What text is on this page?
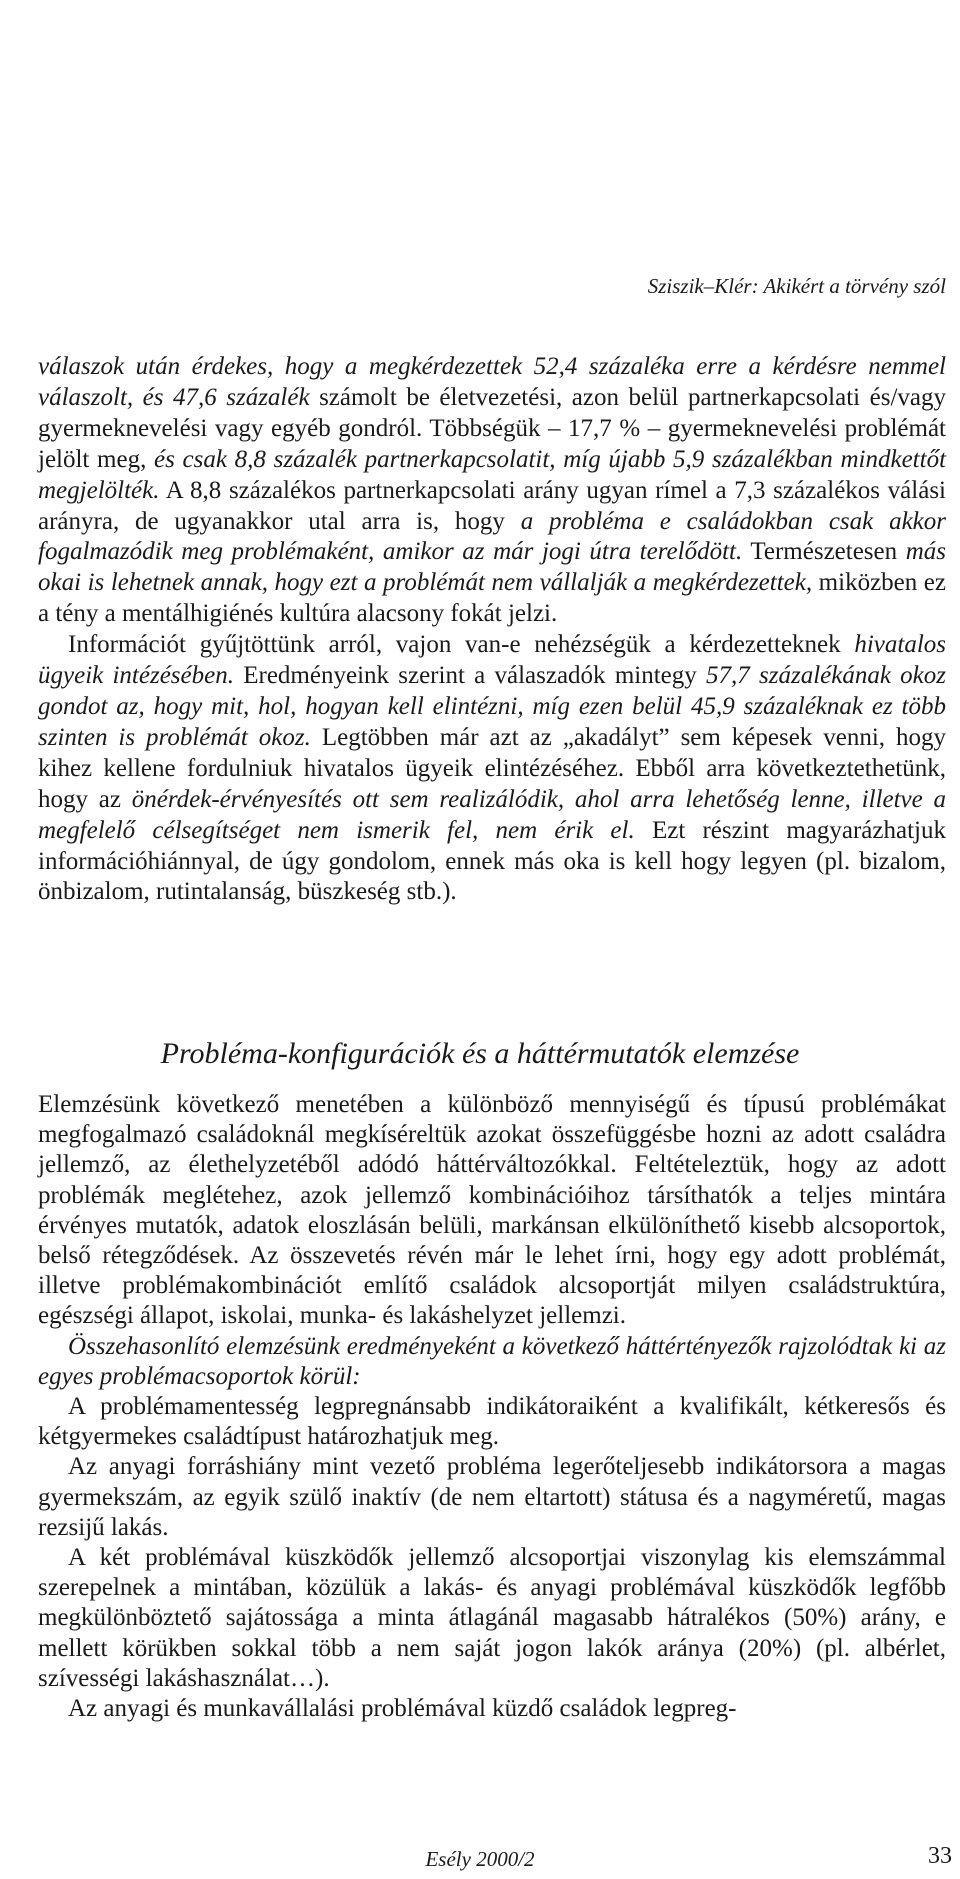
Sziszik–Klér: Akikért a törvény szól

válaszok után érdekes, hogy a megkérdezettek 52,4 százaléka erre a kérdésre nemmel válaszolt, és 47,6 százalék számolt be életvezetési, azon belül partnerkapcsolati és/vagy gyermeknevelési vagy egyéb gondról. Többségük – 17,7 % – gyermeknevelési problémát jelölt meg, és csak 8,8 százalék partnerkapcsolatit, míg újabb 5,9 százalékban mindkettőt megjelölték. A 8,8 százalékos partnerkapcsolati arány ugyan rímel a 7,3 százalékos válási arányra, de ugyanakkor utal arra is, hogy a probléma e családokban csak akkor fogalmazódik meg problémaként, amikor az már jogi útra terelődött. Természetesen más okai is lehetnek annak, hogy ezt a problémát nem vállalják a megkérdezettek, miközben ez a tény a mentálhigiénés kultúra alacsony fokát jelzi.

Információt gyűjtöttünk arról, vajon van-e nehézségük a kérdezetteknek hivatalos ügyeik intézésében. Eredményeink szerint a válaszadók mintegy 57,7 százalékának okoz gondot az, hogy mit, hol, hogyan kell elintézni, míg ezen belül 45,9 százaléknak ez több szinten is problémát okoz. Legtöbben már azt az „akadályt” sem képesek venni, hogy kihez kellene fordulniuk hivatalos ügyeik elintézéséhez. Ebből arra következtethetünk, hogy az önérdek-érvényesítés ott sem realizálódik, ahol arra lehetőség lenne, illetve a megfelelő célsegítséget nem ismerik fel, nem érik el. Ezt részint magyarázhatjuk információhiánnyal, de úgy gondolom, ennek más oka is kell hogy legyen (pl. bizalom, önbizalom, rutintalanság, büszkeség stb.).

Probléma-konfigurációk és a háttérmutatók elemzése

Elemzésünk következő menetében a különböző mennyiségű és típusú problémákat megfogalmazó családoknál megkíséreltük azokat összefüggésbe hozni az adott családra jellemző, az élethelyzetéből adódó háttérváltozókkal. Feltételeztük, hogy az adott problémák meglétehez, azok jellemző kombinációihoz társíthatók a teljes mintára érvényes mutatók, adatok eloszlásán belüli, markánsan elkülöníthető kisebb alcsoportok, belső rétegződések. Az összevetés révén már le lehet írni, hogy egy adott problémát, illetve problémakombinációt említő családok alcsoportját milyen családstruktúra, egészségi állapot, iskolai, munka- és lakáshelyzet jellemzi.

Összehasonlító elemzésünk eredményeként a következő háttértényezők rajzolódtak ki az egyes problémacsoportok körül:

A problémamentesség legpregnánsabb indikátoraiként a kvalifikált, kétkeresős és kétgyermekes családtípust határozhatjuk meg.

Az anyagi forráshiány mint vezető probléma legerőteljesebb indikátorsora a magas gyermekszám, az egyik szülő inaktív (de nem eltartott) státusa és a nagyméretű, magas rezsijű lakás.

A két problémával küszködők jellemző alcsoportjai viszonylag kis elemszámmal szerepelnek a mintában, közülük a lakás- és anyagi problémával küszködők legfőbb megkülönböztető sajátossága a minta átlagánál magasabb hátralékos (50%) arány, e mellett körükben sokkal több a nem saját jogon lakók aránya (20%) (pl. albérlet, szívességi lakáshasználat…).

Az anyagi és munkavállalási problémával küzdő családok legpreg-

Esély 2000/2	33
